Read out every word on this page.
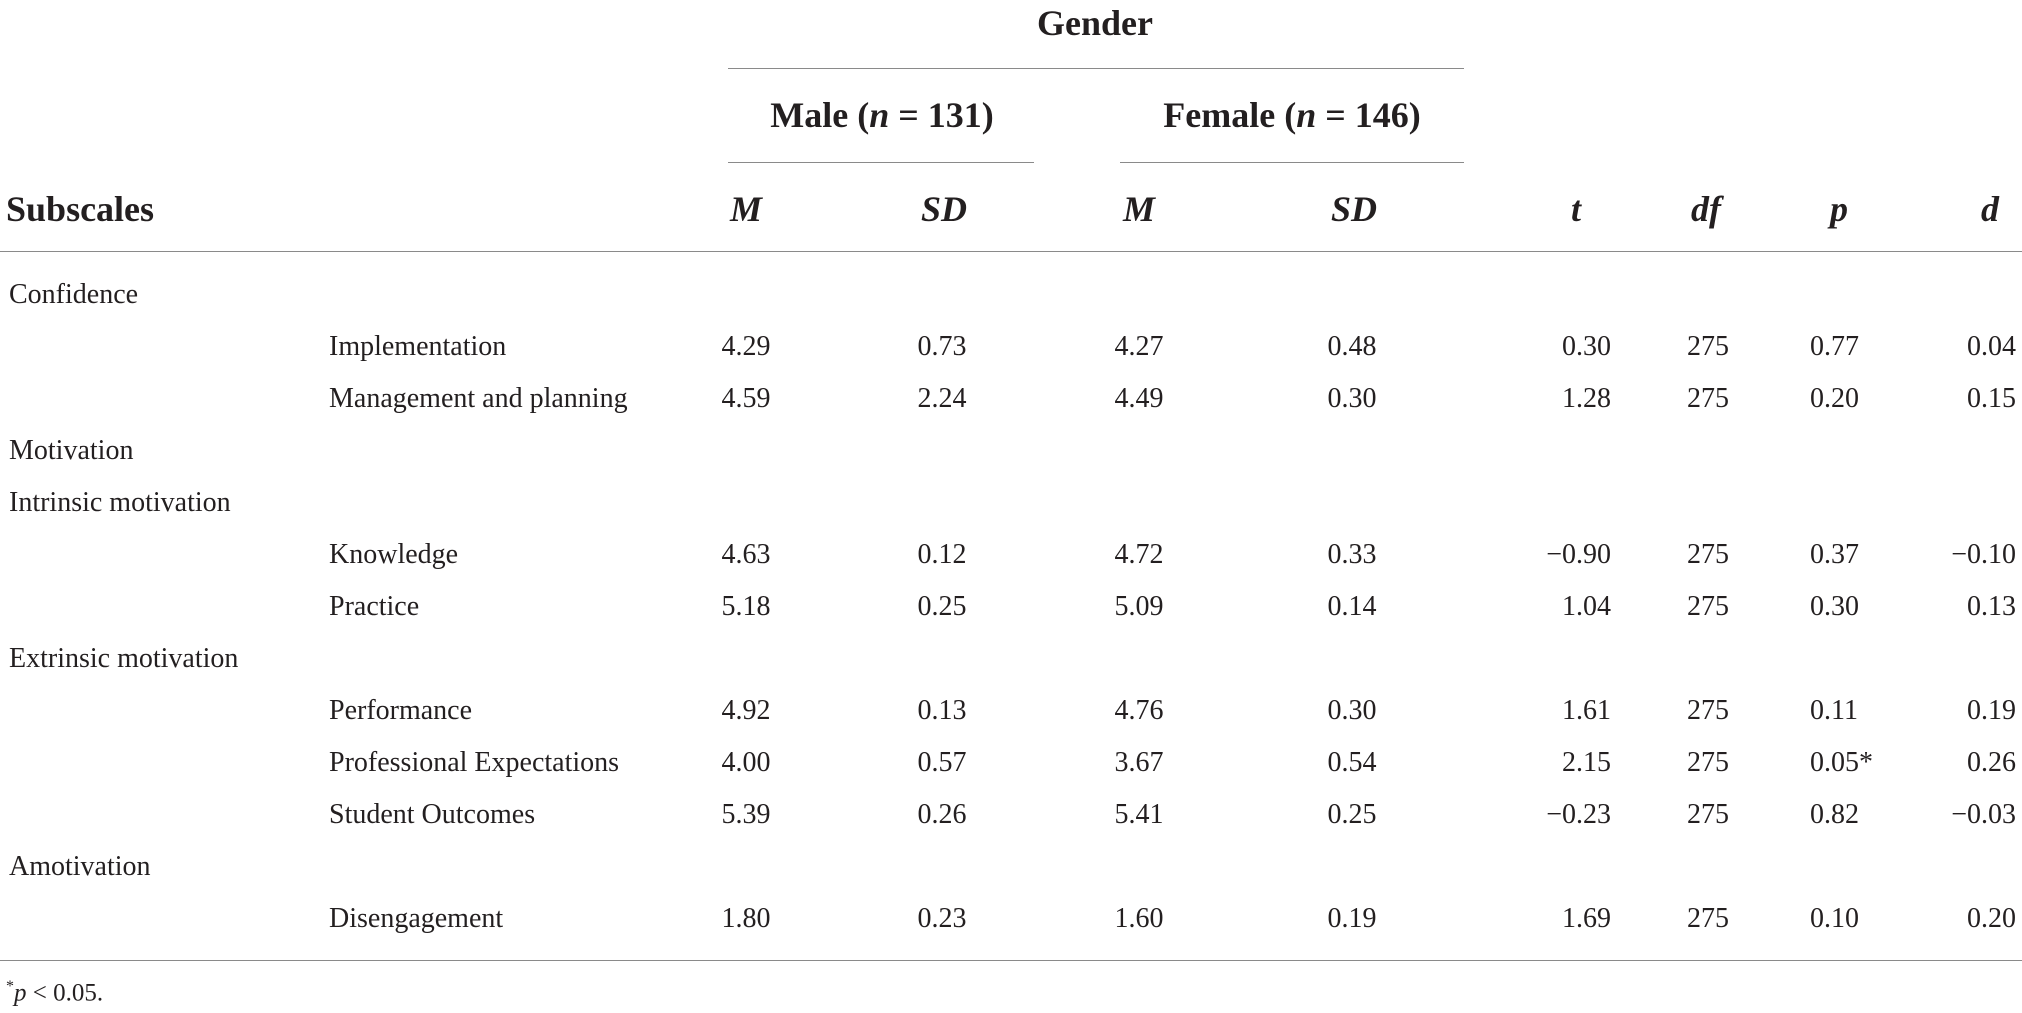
Gender
Male (n = 131)	Female (n = 146)
Subscales	M	SD	M	SD	t	df	p	d
Confidence
Implementation	4.29	0.73	4.27	0.48	0.30	275	0.77	0.04
Management and planning	4.59	2.24	4.49	0.30	1.28	275	0.20	0.15
Motivation
Intrinsic motivation
Knowledge	4.63	0.12	4.72	0.33	−0.90	275	0.37	−0.10
Practice	5.18	0.25	5.09	0.14	1.04	275	0.30	0.13
Extrinsic motivation
Performance	4.92	0.13	4.76	0.30	1.61	275	0.11	0.19
Professional Expectations	4.00	0.57	3.67	0.54	2.15	275	0.05*	0.26
Student Outcomes	5.39	0.26	5.41	0.25	−0.23	275	0.82	−0.03
Amotivation
Disengagement	1.80	0.23	1.60	0.19	1.69	275	0.10	0.20
*p < 0.05.
